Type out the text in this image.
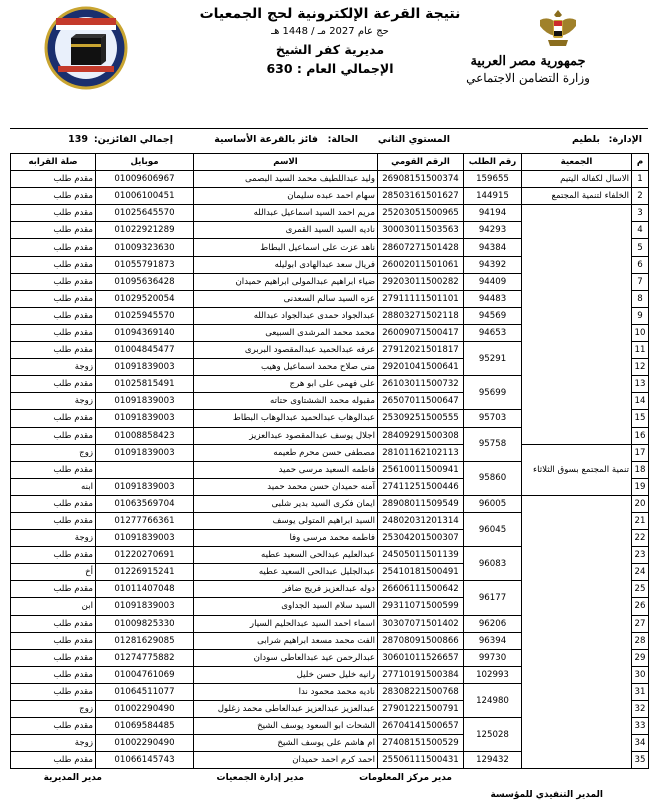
جمهورية مصر العربية
وزارة التضامن الاجتماعي
نتيجة القرعة الإلكترونية لحج الجمعيات
حج عام 2027 مـ / 1448 هـ
مديرية كفر الشيخ
الإجمالي العام : 630
الإدارة:
بلطيم
المستوي الثاني
الحالة:
فائز بالقرعة الأساسية
إجمالي الفائزين:
139
م	الجمعية	رقم الطلب	الرقم القومي	الاسم	موبايل	صلة القرابه
1	الاسال لكفاله اليتيم	159655	26908151500374	وليد عبداللطيف محمد السيد البصمى	01009606967	مقدم طلب
2	الخلفاء لتنمية المجتمع	144915	28503161501627	سهام احمد عبده سليمان	01006100451	مقدم طلب
3		94194	25203051500965	مريم احمد السيد اسماعيل عبدالله	01025645570	مقدم طلب
4		94293	30003011503563	ناديه السيد السيد القمرى	01022921289	مقدم طلب
5		94384	28607271501428	ناهد عزت على اسماعيل البطاط	01009323630	مقدم طلب
6		94392	26002011501061	فريال سعد عبدالهادى ابوليله	01055791873	مقدم طلب
7		94409	29203011500282	ضياء ابراهيم عبدالمولى ابراهيم حميدان	01095636428	مقدم طلب
8		94483	27911111501101	عزه السيد سالم السعدنى	01029520054	مقدم طلب
9		94569	28803271502118	عبدالجواد حمدى عبدالجواد عبدالله	01025945570	مقدم طلب
10		94653	26009071500417	محمد محمد المرشدى السبيعى	01094369140	مقدم طلب
11		95291	27912021501817	عرفه عبدالحميد عبدالمقصود البربرى	01004845477	مقدم طلب
12			29201041500641	منى صلاح محمد اسماعيل وهيب	01091839003	زوجة
13		95699	26103011500732	على فهمى على ابو هرج	01025815491	مقدم طلب
14			26507011500647	مقبوله محمد الششتاوى حتاته	01091839003	زوجة
15		95703	25309251500555	عبدالوهاب عبدالحميد عبدالوهاب البطاط	01091839003	مقدم طلب
16		95758	28409291500308	اجلال يوسف عبدالمقصود عبدالعزيز	01008858423	مقدم طلب
17	تنمية المجتمع بسوق الثلاثاء		28101162102113	مصطفى حسن محرم طعيمه	01091839003	زوج
18		95860	25610011500941	فاطمه السعيد مرسى حميد		مقدم طلب
19			27411251500446	آمنه حميدان حسن محمد حميد	01091839003	ابنه
20		96005	28908011509549	ايمان فكرى السيد بدير شلبى	01063569704	مقدم طلب
21		96045	24802031201314	السيد ابراهيم المتولى يوسف	01277766361	مقدم طلب
22			25304201500307	فاطمه محمد مرسى وفا	01091839003	زوجة
23		96083	24505011501139	عبدالعليم عبدالحى السعيد عطيه	01220270691	مقدم طلب
24			25410181500491	عبدالجليل عبدالحى السعيد عطيه	01226915241	أخ
25		96177	26606111500642	دوله عبدالعزيز فريج ضافر	01011407048	مقدم طلب
26			29311071500599	السيد سلام السيد الجداوى	01091839003	ابن
27		96206	30307071501402	اسماء احمد السيد عبدالحليم السيار	01009825330	مقدم طلب
28		96394	28708091500866	الفت محمد مسعد ابراهيم شرابى	01281629085	مقدم طلب
29		99730	30601011526657	عبدالرحمن عيد عبدالعاطى سودان	01274775882	مقدم طلب
30		102993	27710191500384	رانيه خليل حسن خليل	01004761069	مقدم طلب
31		124980	28308221500768	ناديه محمد محمود ندا	01064511077	مقدم طلب
32			27901221500791	عبدالعزيز عبدالعزيز عبدالعاطى محمد زغلول	01002290490	زوج
33		125028	26704141500657	الشحات ابو السعود يوسف الشيخ	01069584485	مقدم طلب
34			27408151500529	ام هاشم على يوسف الشيخ	01002290490	زوجة
35		129432	25506111500431	احمد كرم احمد حميدان	01066145743	مقدم طلب
مدير مركز المعلومات
مدير إدارة الجمعيات
مدير المديرية
المدير التنفيذي للمؤسسة
